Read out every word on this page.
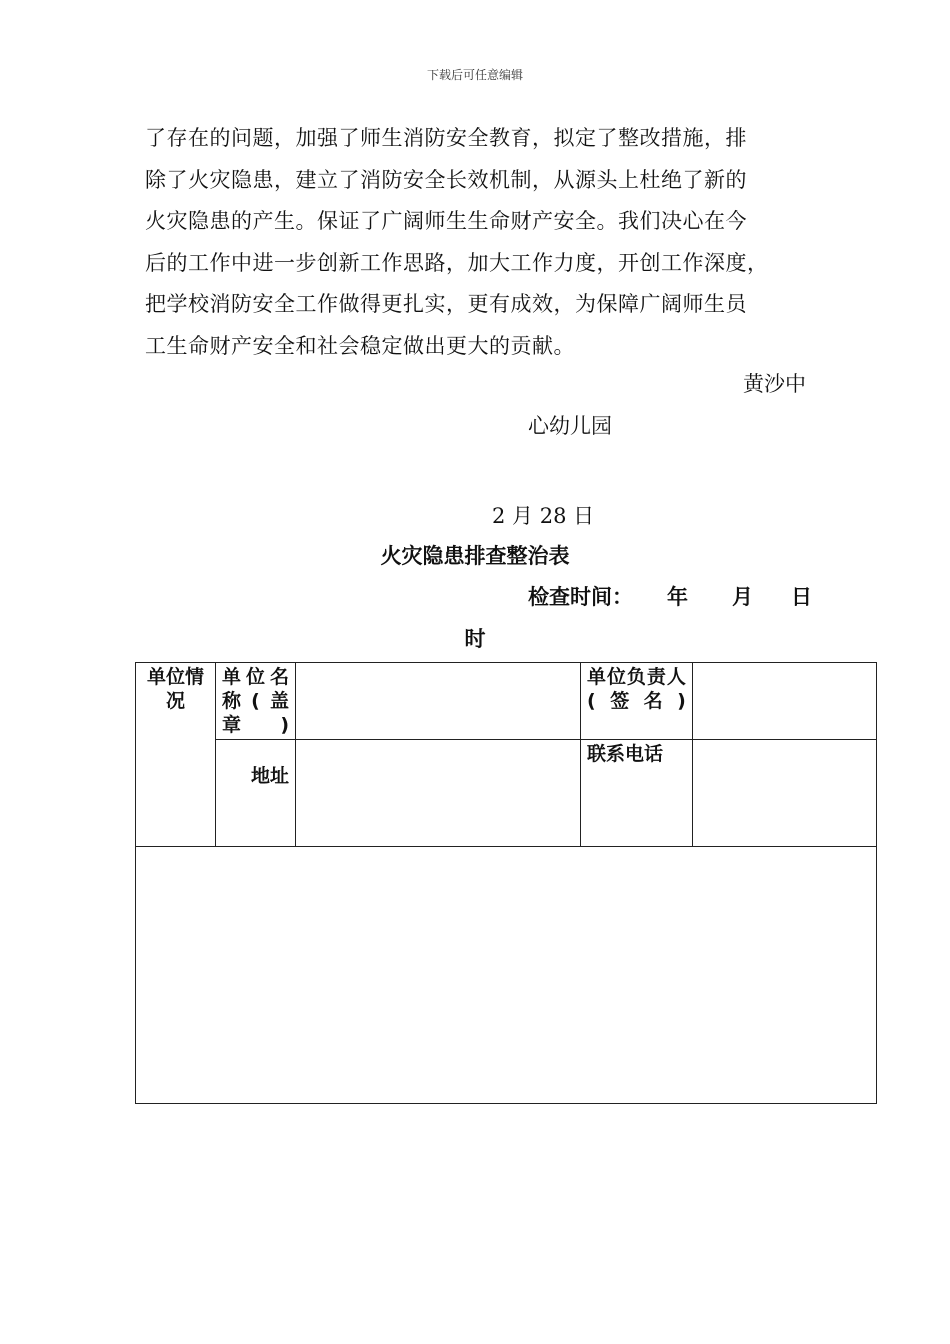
下载后可任意编辑

了存在的问题，加强了师生消防安全教育，拟定了整改措施，排

除了火灾隐患，建立了消防安全长效机制，从源头上杜绝了新的

火灾隐患的产生。保证了广阔师生生命财产安全。我们决心在今

后的工作中进一步创新工作思路，加大工作力度，开创工作深度，

把学校消防安全工作做得更扎实，更有成效，为保障广阔师生员

工生命财产安全和社会稳定做出更大的贡献。

黄沙中
心幼儿园
2 月 28 日
火灾隐患排查整治表
检查时间： 年 月 日
时
单位情况	单位名称(盖章)		单位负责人(签名)	
	地址		联系电话	
